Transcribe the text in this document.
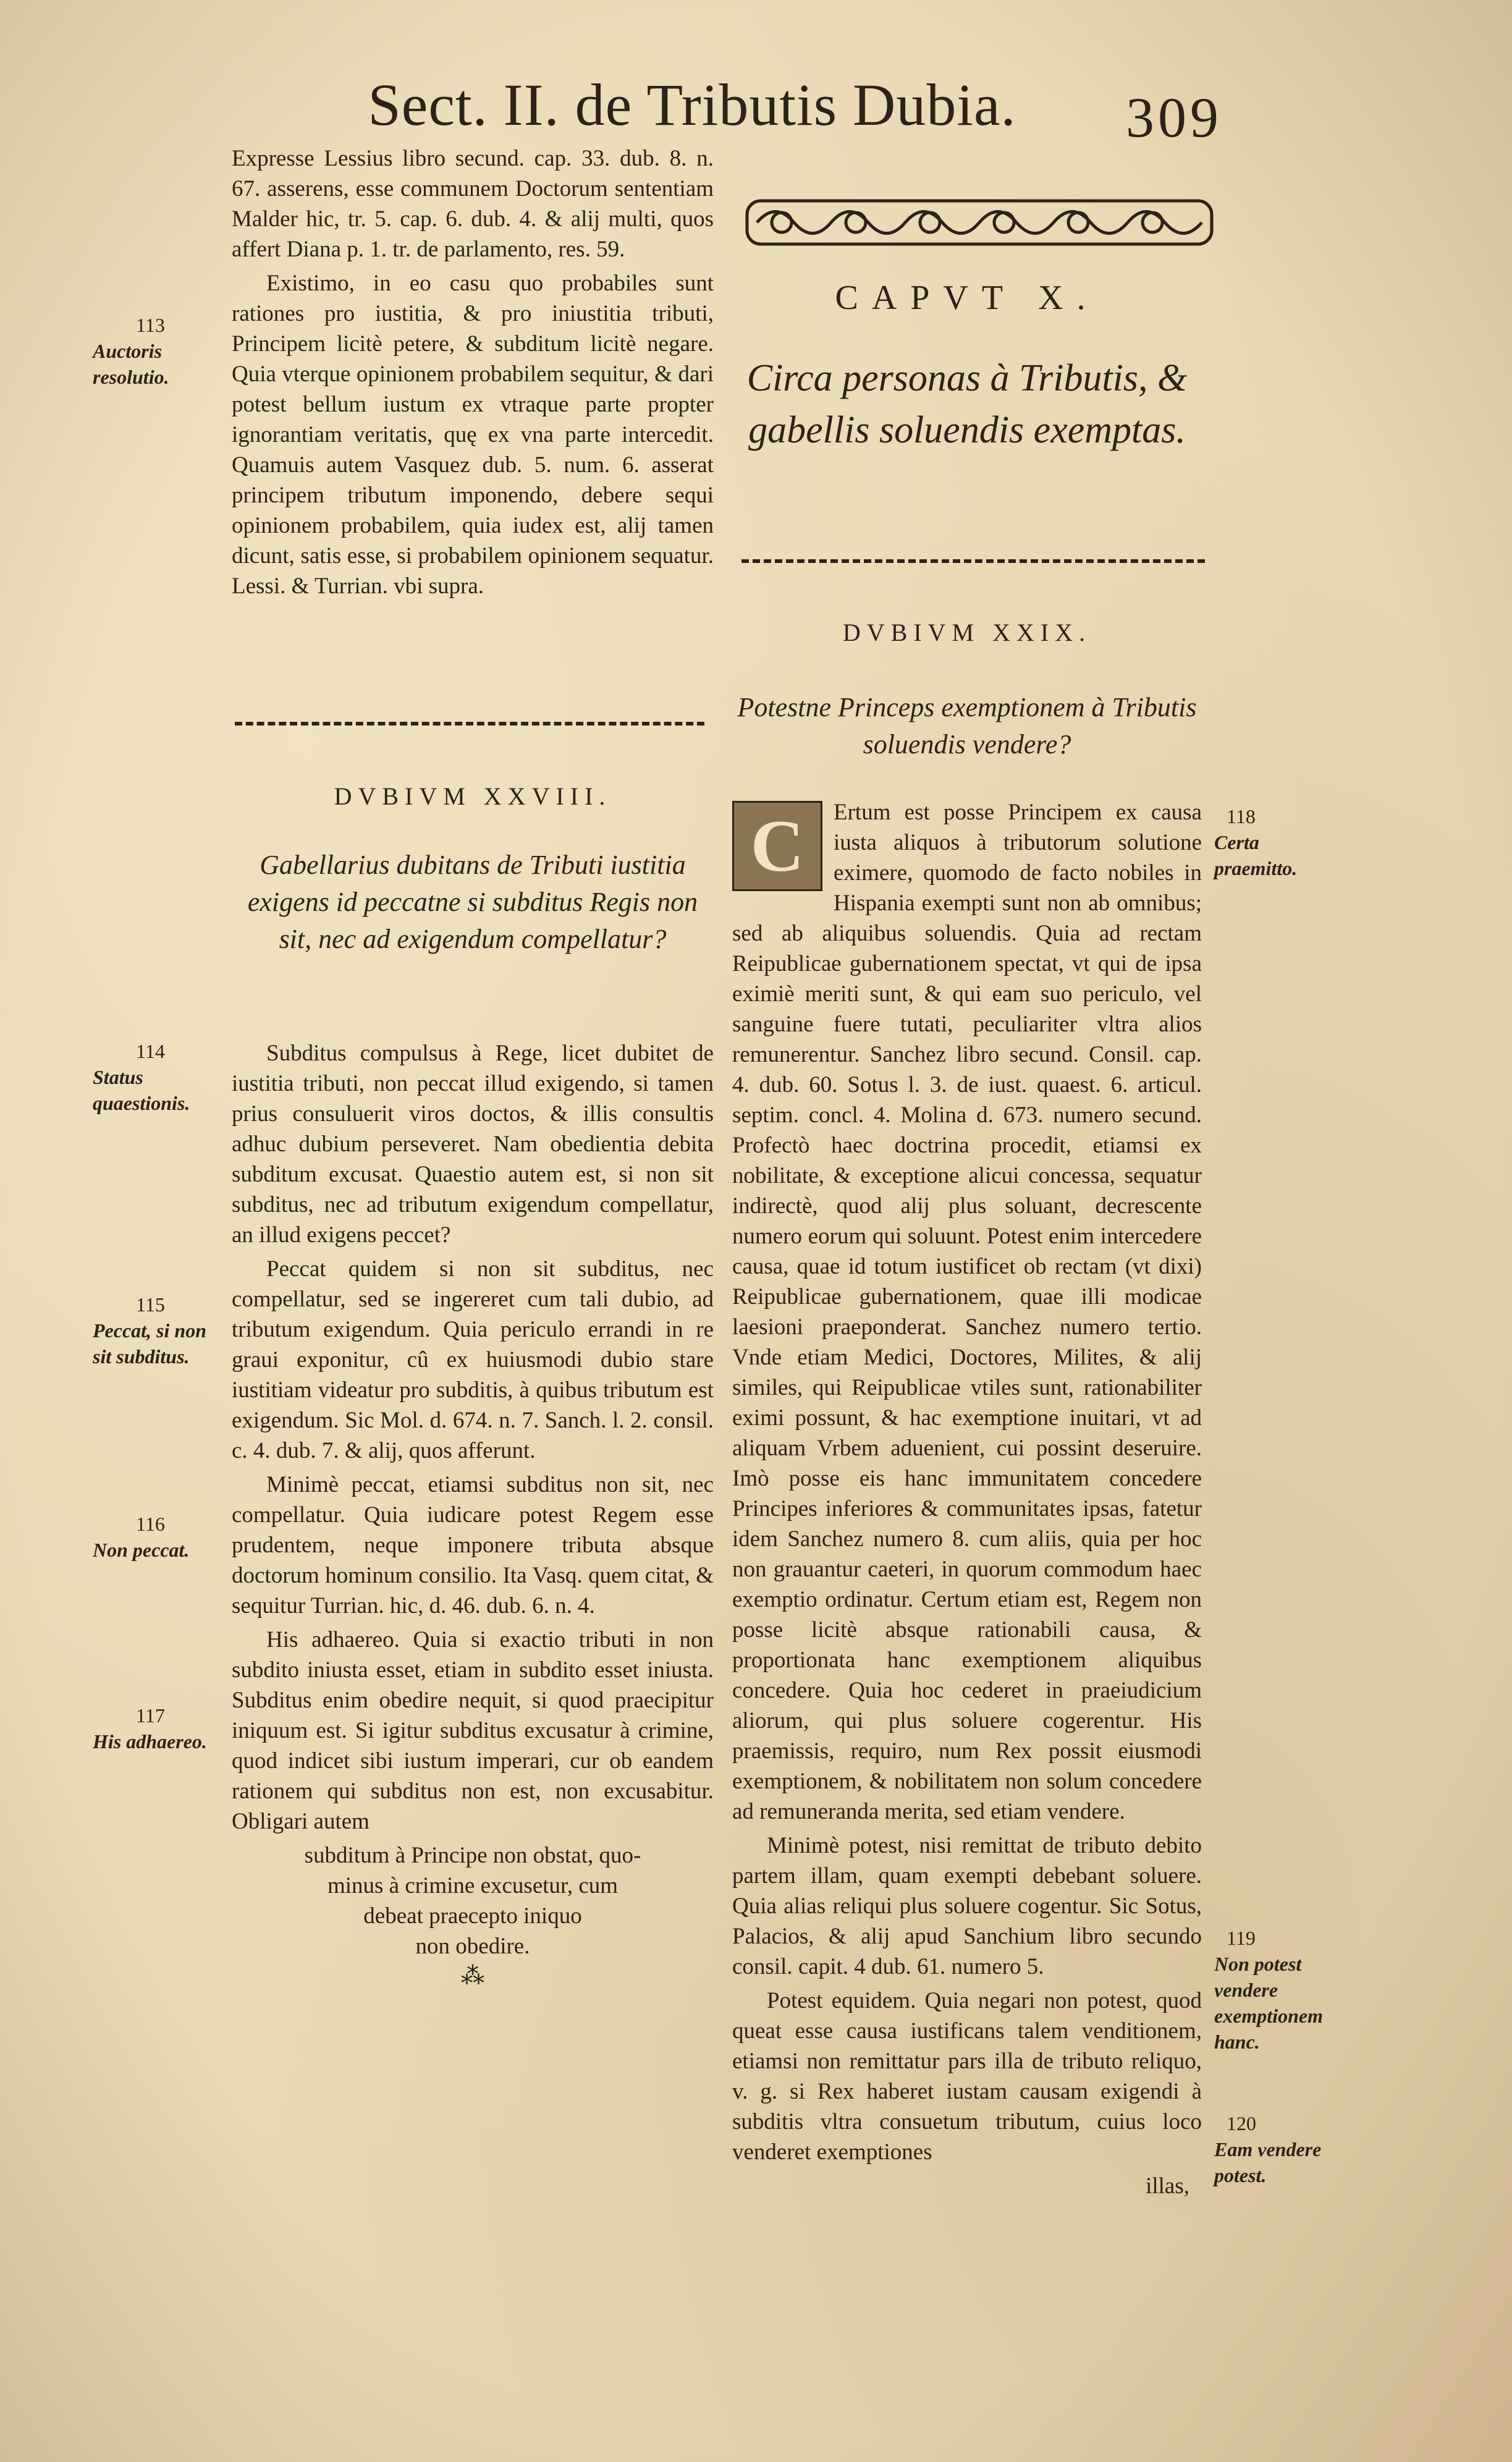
Sect. II. de Tributis Dubia.	309

Expresse Lessius libro secund. cap. 33. dub. 8. n. 67. asserens, esse communem Doctorum sententiam Malder hic, tr. 5. cap. 6. dub. 4. & alij multi, quos affert Diana p. 1. tr. de parlamento, res. 59.

Existimo, in eo casu quo probabiles sunt rationes pro iustitia, & pro iniustitia tributi, Principem licitè petere, & subditum licitè negare. Quia vterque opinionem probabilem sequitur, & dari potest bellum iustum ex vtraque parte propter ignorantiam veritatis, quę ex vna parte intercedit. Quamuis autem Vasquez dub. 5. num. 6. asserat principem tributum imponendo, debere sequi opinionem probabilem, quia iudex est, alij tamen dicunt, satis esse, si probabilem opinionem sequatur. Lessi. & Turrian. vbi supra.

DVBIVM XXVIII.
Gabellarius dubitans de Tributi iustitia exigens id peccatne si subditus Regis non sit, nec ad exigendum compellatur?

Subditus compulsus à Rege, licet dubitet de iustitia tributi, non peccat illud exigendo, si tamen prius consuluerit viros doctos, & illis consultis adhuc dubium perseveret. Nam obedientia debita subditum excusat. Quaestio autem est, si non sit subditus, nec ad tributum exigendum compellatur, an illud exigens peccet?

Peccat quidem si non sit subditus, nec compellatur, sed se ingereret cum tali dubio, ad tributum exigendum. Quia periculo errandi in re graui exponitur, cû ex huiusmodi dubio stare iustitiam videatur pro subditis, à quibus tributum est exigendum. Sic Mol. d. 674. n. 7. Sanch. l. 2. consil. c. 4. dub. 7. & alij, quos afferunt.

Minimè peccat, etiamsi subditus non sit, nec compellatur. Quia iudicare potest Regem esse prudentem, neque imponere tributa absque doctorum hominum consilio. Ita Vasq. quem citat, & sequitur Turrian. hic, d. 46. dub. 6. n. 4.

His adhaereo. Quia si exactio tributi in non subdito iniusta esset, etiam in subdito esset iniusta. Subditus enim obedire nequit, si quod praecipitur iniquum est. Si igitur subditus excusatur à crimine, quod indicet sibi iustum imperari, cur ob eandem rationem qui subditus non est, non excusabitur. Obligari autem

subditum à Principe non obstat, quo-
minus à crimine excusetur, cum
debeat praecepto iniquo
non obedire.
⁂
113
Auctoris resolutio.
114
Status quaestionis.
115
Peccat, si non sit subditus.
116
Non peccat.
117
His adhaereo.
CAPVT X.
Circa personas à Tributis, & gabellis soluendis exemptas.
DVBIVM XXIX.
Potestne Princeps exemptionem à Tributis soluendis vendere?

C	Ertum est posse Principem ex causa iusta aliquos à tributorum solutione eximere, quomodo de facto nobiles in Hispania exempti sunt non ab omnibus; sed ab aliquibus soluendis. Quia ad rectam Reipublicae gubernationem spectat, vt qui de ipsa eximiè meriti sunt, & qui eam suo periculo, vel sanguine fuere tutati, peculiariter vltra alios remunerentur. Sanchez libro secund. Consil. cap. 4. dub. 60. Sotus l. 3. de iust. quaest. 6. articul. septim. concl. 4. Molina d. 673. numero secund. Profectò haec doctrina procedit, etiamsi ex nobilitate, & exceptione alicui concessa, sequatur indirectè, quod alij plus soluant, decrescente numero eorum qui soluunt. Potest enim intercedere causa, quae id totum iustificet ob rectam (vt dixi) Reipublicae gubernationem, quae illi modicae laesioni praeponderat. Sanchez numero tertio. Vnde etiam Medici, Doctores, Milites, & alij similes, qui Reipublicae vtiles sunt, rationabiliter eximi possunt, & hac exemptione inuitari, vt ad aliquam Vrbem aduenient, cui possint deseruire. Imò posse eis hanc immunitatem concedere Principes inferiores & communitates ipsas, fatetur idem Sanchez numero 8. cum aliis, quia per hoc non grauantur caeteri, in quorum commodum haec exemptio ordinatur. Certum etiam est, Regem non posse licitè absque rationabili causa, & proportionata hanc exemptionem aliquibus concedere. Quia hoc cederet in praeiudicium aliorum, qui plus soluere cogerentur. His praemissis, requiro, num Rex possit eiusmodi exemptionem, & nobilitatem non solum concedere ad remuneranda merita, sed etiam vendere.

Minimè potest, nisi remittat de tributo debito partem illam, quam exempti debebant soluere. Quia alias reliqui plus soluere cogentur. Sic Sotus, Palacios, & alij apud Sanchium libro secundo consil. capit. 4 dub. 61. numero 5.

Potest equidem. Quia negari non potest, quod queat esse causa iustificans talem venditionem, etiamsi non remittatur pars illa de tributo reliquo, v. g. si Rex haberet iustam causam exigendi à subditis vltra consuetum tributum, cuius loco venderet exemptiones

illas,
118
Certa praemitto.
119
Non potest vendere exemptionem hanc.
120
Eam vendere potest.
